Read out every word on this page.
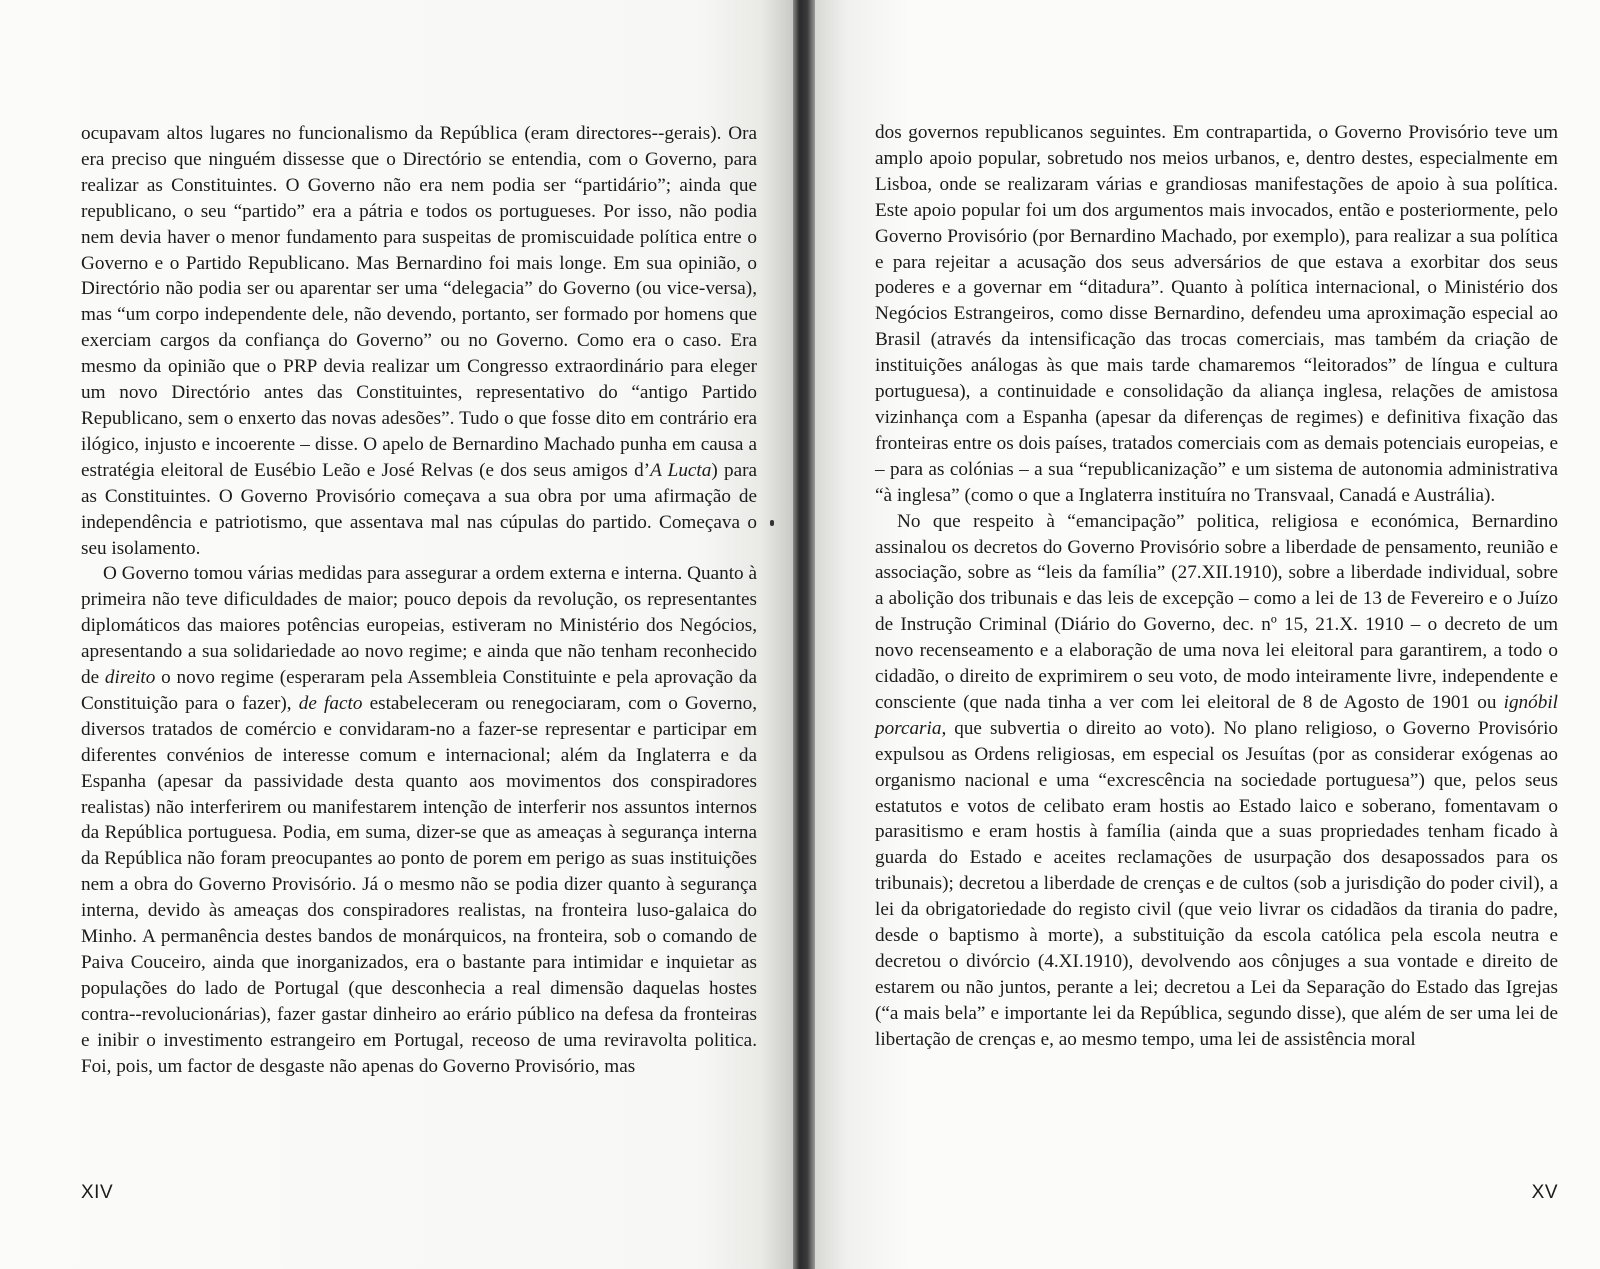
ocupavam altos lugares no funcionalismo da República (eram directores--gerais). Ora era preciso que ninguém dissesse que o Directório se entendia, com o Governo, para realizar as Constituintes. O Governo não era nem podia ser “partidário”; ainda que republicano, o seu “partido” era a pátria e todos os portugueses. Por isso, não podia nem devia haver o menor fundamento para suspeitas de promiscuidade política entre o Governo e o Partido Republicano. Mas Bernardino foi mais longe. Em sua opinião, o Directório não podia ser ou aparentar ser uma “delegacia” do Governo (ou vice-versa), mas “um corpo independente dele, não devendo, portanto, ser formado por homens que exerciam cargos da confiança do Governo” ou no Governo. Como era o caso. Era mesmo da opinião que o PRP devia realizar um Congresso extraordinário para eleger um novo Directório antes das Constituintes, representativo do “antigo Partido Republicano, sem o enxerto das novas adesões”. Tudo o que fosse dito em contrário era ilógico, injusto e incoerente – disse. O apelo de Bernardino Machado punha em causa a estratégia eleitoral de Eusébio Leão e José Relvas (e dos seus amigos d’A Lucta) para as Constituintes. O Governo Provisório começava a sua obra por uma afirmação de independência e patriotismo, que assentava mal nas cúpulas do partido. Começava o seu isolamento.

O Governo tomou várias medidas para assegurar a ordem externa e interna. Quanto à primeira não teve dificuldades de maior; pouco depois da revolução, os representantes diplomáticos das maiores potências europeias, estiveram no Ministério dos Negócios, apresentando a sua solidariedade ao novo regime; e ainda que não tenham reconhecido de direito o novo regime (esperaram pela Assembleia Constituinte e pela aprovação da Constituição para o fazer), de facto estabeleceram ou renegociaram, com o Governo, diversos tratados de comércio e convidaram-no a fazer-se representar e participar em diferentes convénios de interesse comum e internacional; além da Inglaterra e da Espanha (apesar da passividade desta quanto aos movimentos dos conspiradores realistas) não interferirem ou manifestarem intenção de interferir nos assuntos internos da República portuguesa. Podia, em suma, dizer-se que as ameaças à segurança interna da República não foram preocupantes ao ponto de porem em perigo as suas instituições nem a obra do Governo Provisório. Já o mesmo não se podia dizer quanto à segurança interna, devido às ameaças dos conspiradores realistas, na fronteira luso-galaica do Minho. A permanência destes bandos de monárquicos, na fronteira, sob o comando de Paiva Couceiro, ainda que inorganizados, era o bastante para intimidar e inquietar as populações do lado de Portugal (que desconhecia a real dimensão daquelas hostes contra--revolucionárias), fazer gastar dinheiro ao erário público na defesa da fronteiras e inibir o investimento estrangeiro em Portugal, receoso de uma reviravolta politica. Foi, pois, um factor de desgaste não apenas do Governo Provisório, mas

XIV

dos governos republicanos seguintes. Em contrapartida, o Governo Provisório teve um amplo apoio popular, sobretudo nos meios urbanos, e, dentro destes, especialmente em Lisboa, onde se realizaram várias e grandiosas manifestações de apoio à sua política. Este apoio popular foi um dos argumentos mais invocados, então e posteriormente, pelo Governo Provisório (por Bernardino Machado, por exemplo), para realizar a sua política e para rejeitar a acusação dos seus adversários de que estava a exorbitar dos seus poderes e a governar em “ditadura”. Quanto à política internacional, o Ministério dos Negócios Estrangeiros, como disse Bernardino, defendeu uma aproximação especial ao Brasil (através da intensificação das trocas comerciais, mas também da criação de instituições análogas às que mais tarde chamaremos “leitorados” de língua e cultura portuguesa), a continuidade e consolidação da aliança inglesa, relações de amistosa vizinhança com a Espanha (apesar da diferenças de regimes) e definitiva fixação das fronteiras entre os dois países, tratados comerciais com as demais potenciais europeias, e – para as colónias – a sua “republicanização” e um sistema de autonomia administrativa “à inglesa” (como o que a Inglaterra instituíra no Transvaal, Canadá e Austrália).

No que respeito à “emancipação” politica, religiosa e económica, Bernardino assinalou os decretos do Governo Provisório sobre a liberdade de pensamento, reunião e associação, sobre as “leis da família” (27.XII.1910), sobre a liberdade individual, sobre a abolição dos tribunais e das leis de excepção – como a lei de 13 de Fevereiro e o Juízo de Instrução Criminal (Diário do Governo, dec. nº 15, 21.X. 1910 – o decreto de um novo recenseamento e a elaboração de uma nova lei eleitoral para garantirem, a todo o cidadão, o direito de exprimirem o seu voto, de modo inteiramente livre, independente e consciente (que nada tinha a ver com lei eleitoral de 8 de Agosto de 1901 ou ignóbil porcaria, que subvertia o direito ao voto). No plano religioso, o Governo Provisório expulsou as Ordens religiosas, em especial os Jesuítas (por as considerar exógenas ao organismo nacional e uma “excrescência na sociedade portuguesa”) que, pelos seus estatutos e votos de celibato eram hostis ao Estado laico e soberano, fomentavam o parasitismo e eram hostis à família (ainda que a suas propriedades tenham ficado à guarda do Estado e aceites reclamações de usurpação dos desapossados para os tribunais); decretou a liberdade de crenças e de cultos (sob a jurisdição do poder civil), a lei da obrigatoriedade do registo civil (que veio livrar os cidadãos da tirania do padre, desde o baptismo à morte), a substituição da escola católica pela escola neutra e decretou o divórcio (4.XI.1910), devolvendo aos cônjuges a sua vontade e direito de estarem ou não juntos, perante a lei; decretou a Lei da Separação do Estado das Igrejas (“a mais bela” e importante lei da República, segundo disse), que além de ser uma lei de libertação de crenças e, ao mesmo tempo, uma lei de assistência moral

XV
